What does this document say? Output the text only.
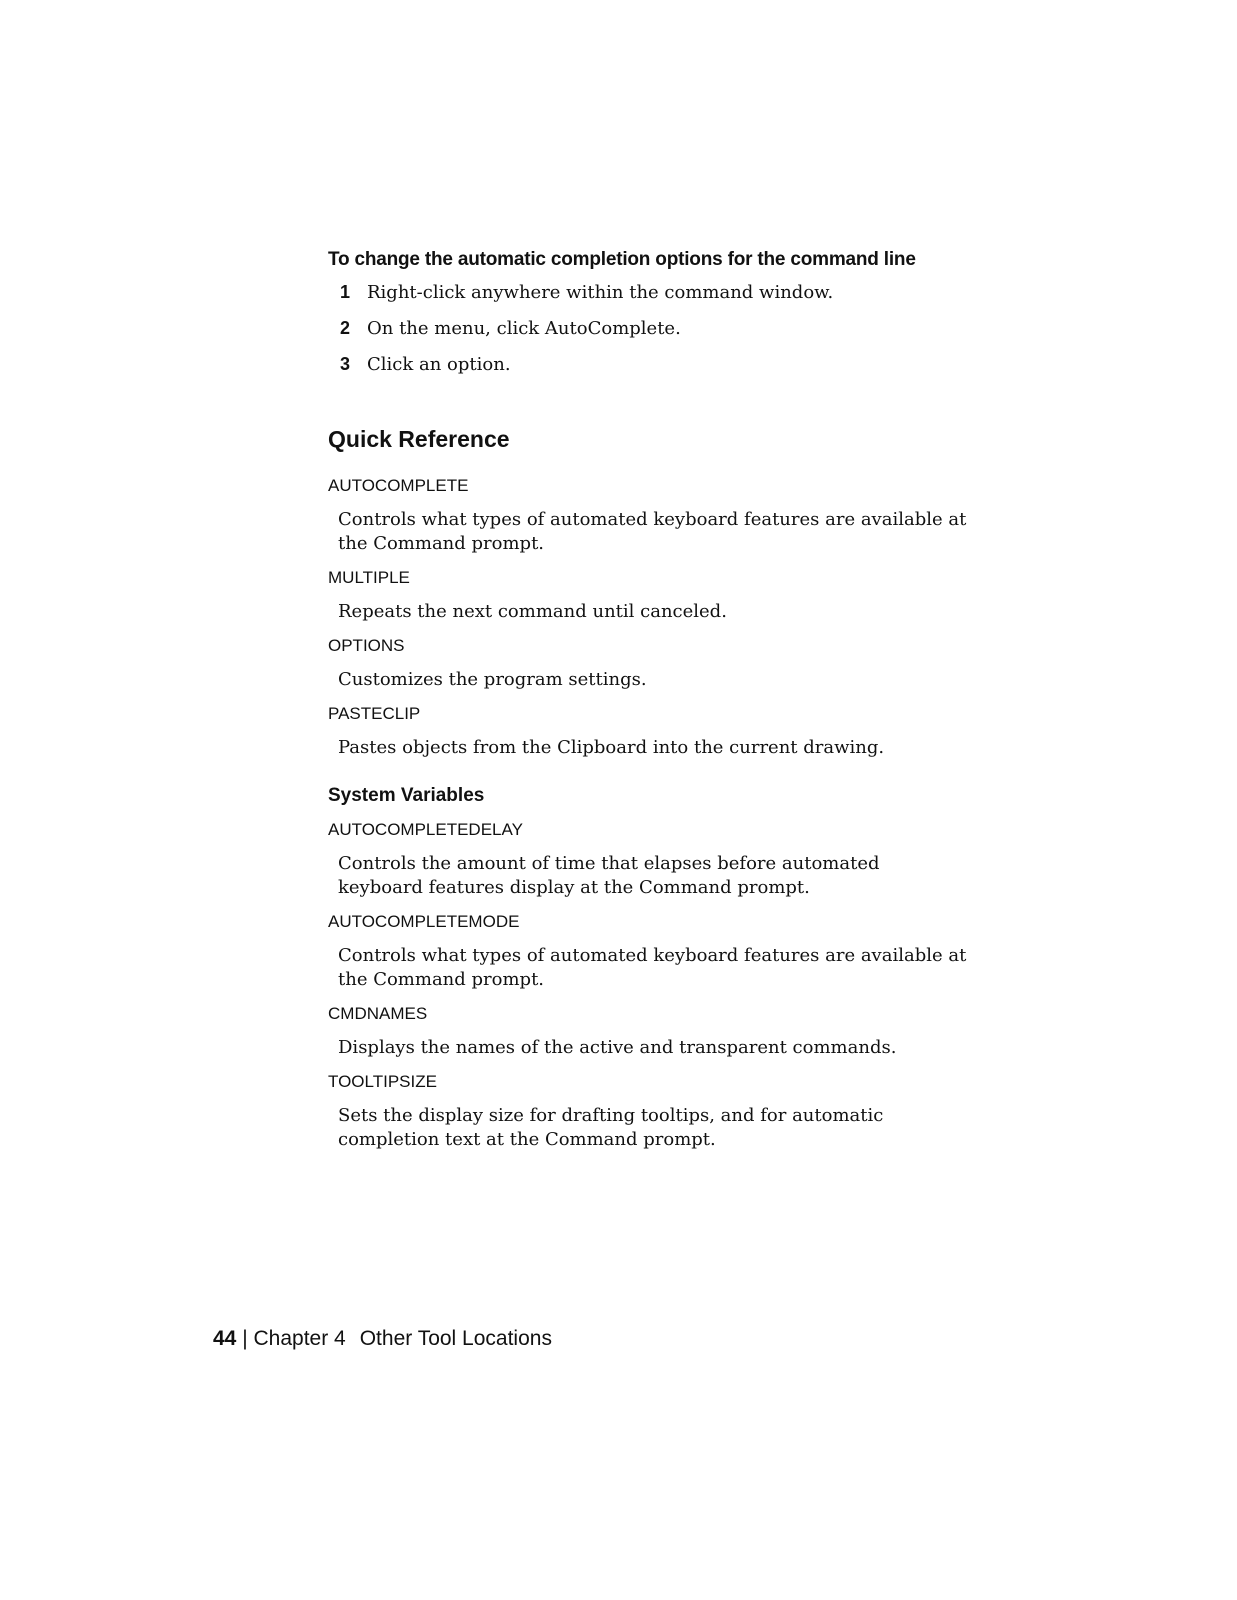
To change the automatic completion options for the command line
1 Right-click anywhere within the command window.
2 On the menu, click AutoComplete.
3 Click an option.
Quick Reference

AUTOCOMPLETE

Controls what types of automated keyboard features are available at the Command prompt.

MULTIPLE

Repeats the next command until canceled.

OPTIONS

Customizes the program settings.

PASTECLIP

Pastes objects from the Clipboard into the current drawing.

System Variables

AUTOCOMPLETEDELAY

Controls the amount of time that elapses before automated keyboard features display at the Command prompt.

AUTOCOMPLETEMODE

Controls what types of automated keyboard features are available at the Command prompt.

CMDNAMES

Displays the names of the active and transparent commands.

TOOLTIPSIZE

Sets the display size for drafting tooltips, and for automatic completion text at the Command prompt.

44 | Chapter 4 Other Tool Locations
